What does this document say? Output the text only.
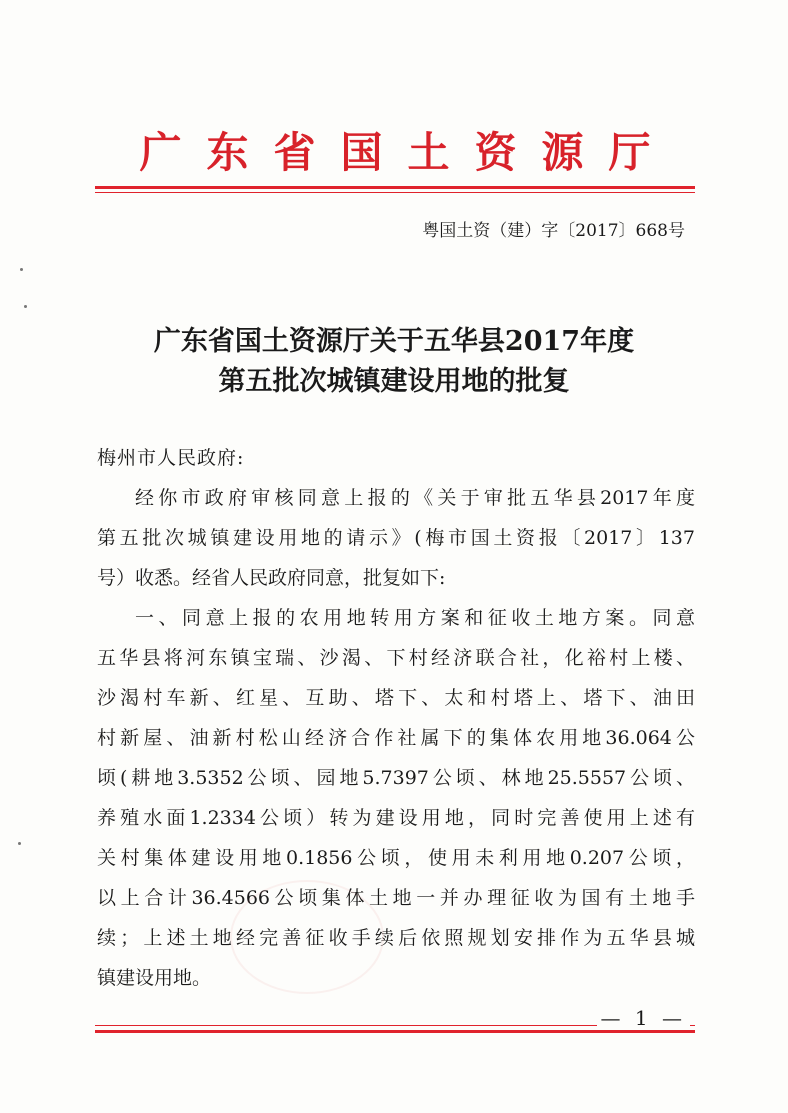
广东省国土资源厅
粤国土资（建）字〔2017〕668号
广东省国土资源厅关于五华县2017年度
第五批次城镇建设用地的批复
梅州市人民政府:
经你市政府审核同意上报的《关于审批五华县2017年度
第五批次城镇建设用地的请示》(梅市国土资报〔2017〕137
号）收悉。经省人民政府同意，批复如下:
一、同意上报的农用地转用方案和征收土地方案。同意
五华县将河东镇宝瑞、沙渴、下村经济联合社，化裕村上楼、
沙渴村车新、红星、互助、塔下、太和村塔上、塔下、油田
村新屋、油新村松山经济合作社属下的集体农用地36.064公
顷(耕地3.5352公顷、园地5.7397公顷、林地25.5557公顷、
养殖水面1.2334公顷）转为建设用地，同时完善使用上述有
关村集体建设用地0.1856公顷，使用未利用地0.207公顷，
以上合计36.4566公顷集体土地一并办理征收为国有土地手
续；上述土地经完善征收手续后依照规划安排作为五华县城
镇建设用地。
— 1 —
